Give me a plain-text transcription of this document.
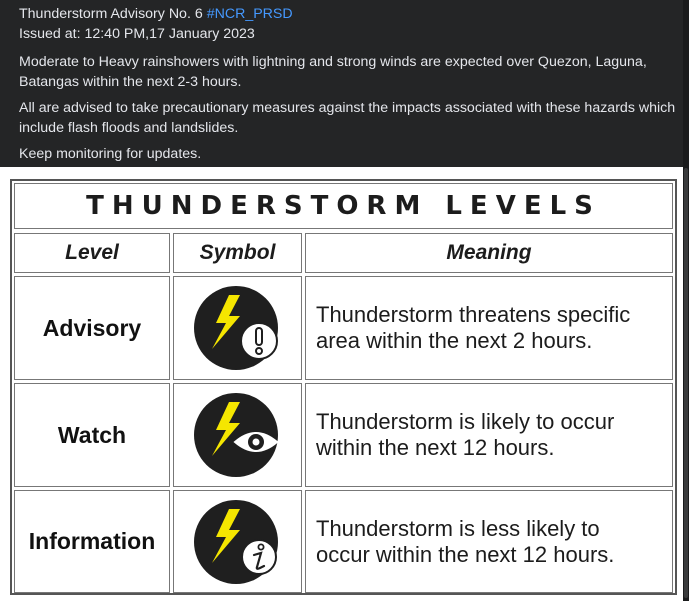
Thunderstorm Advisory No. 6 #NCR_PRSD
Issued at: 12:40 PM,17 January 2023
Moderate to Heavy rainshowers with lightning and strong winds are expected over Quezon, Laguna,
Batangas within the next 2-3 hours.
All are advised to take precautionary measures against the impacts associated with these hazards which
include flash floods and landslides.
Keep monitoring for updates.
THUNDERSTORM LEVELS
Level	Symbol	Meaning
Advisory	Thunderstorm threatens specific
area within the next 2 hours.
Watch	Thunderstorm is likely to occur
within the next 12 hours.
Information	Thunderstorm is less likely to
occur within the next 12 hours.
